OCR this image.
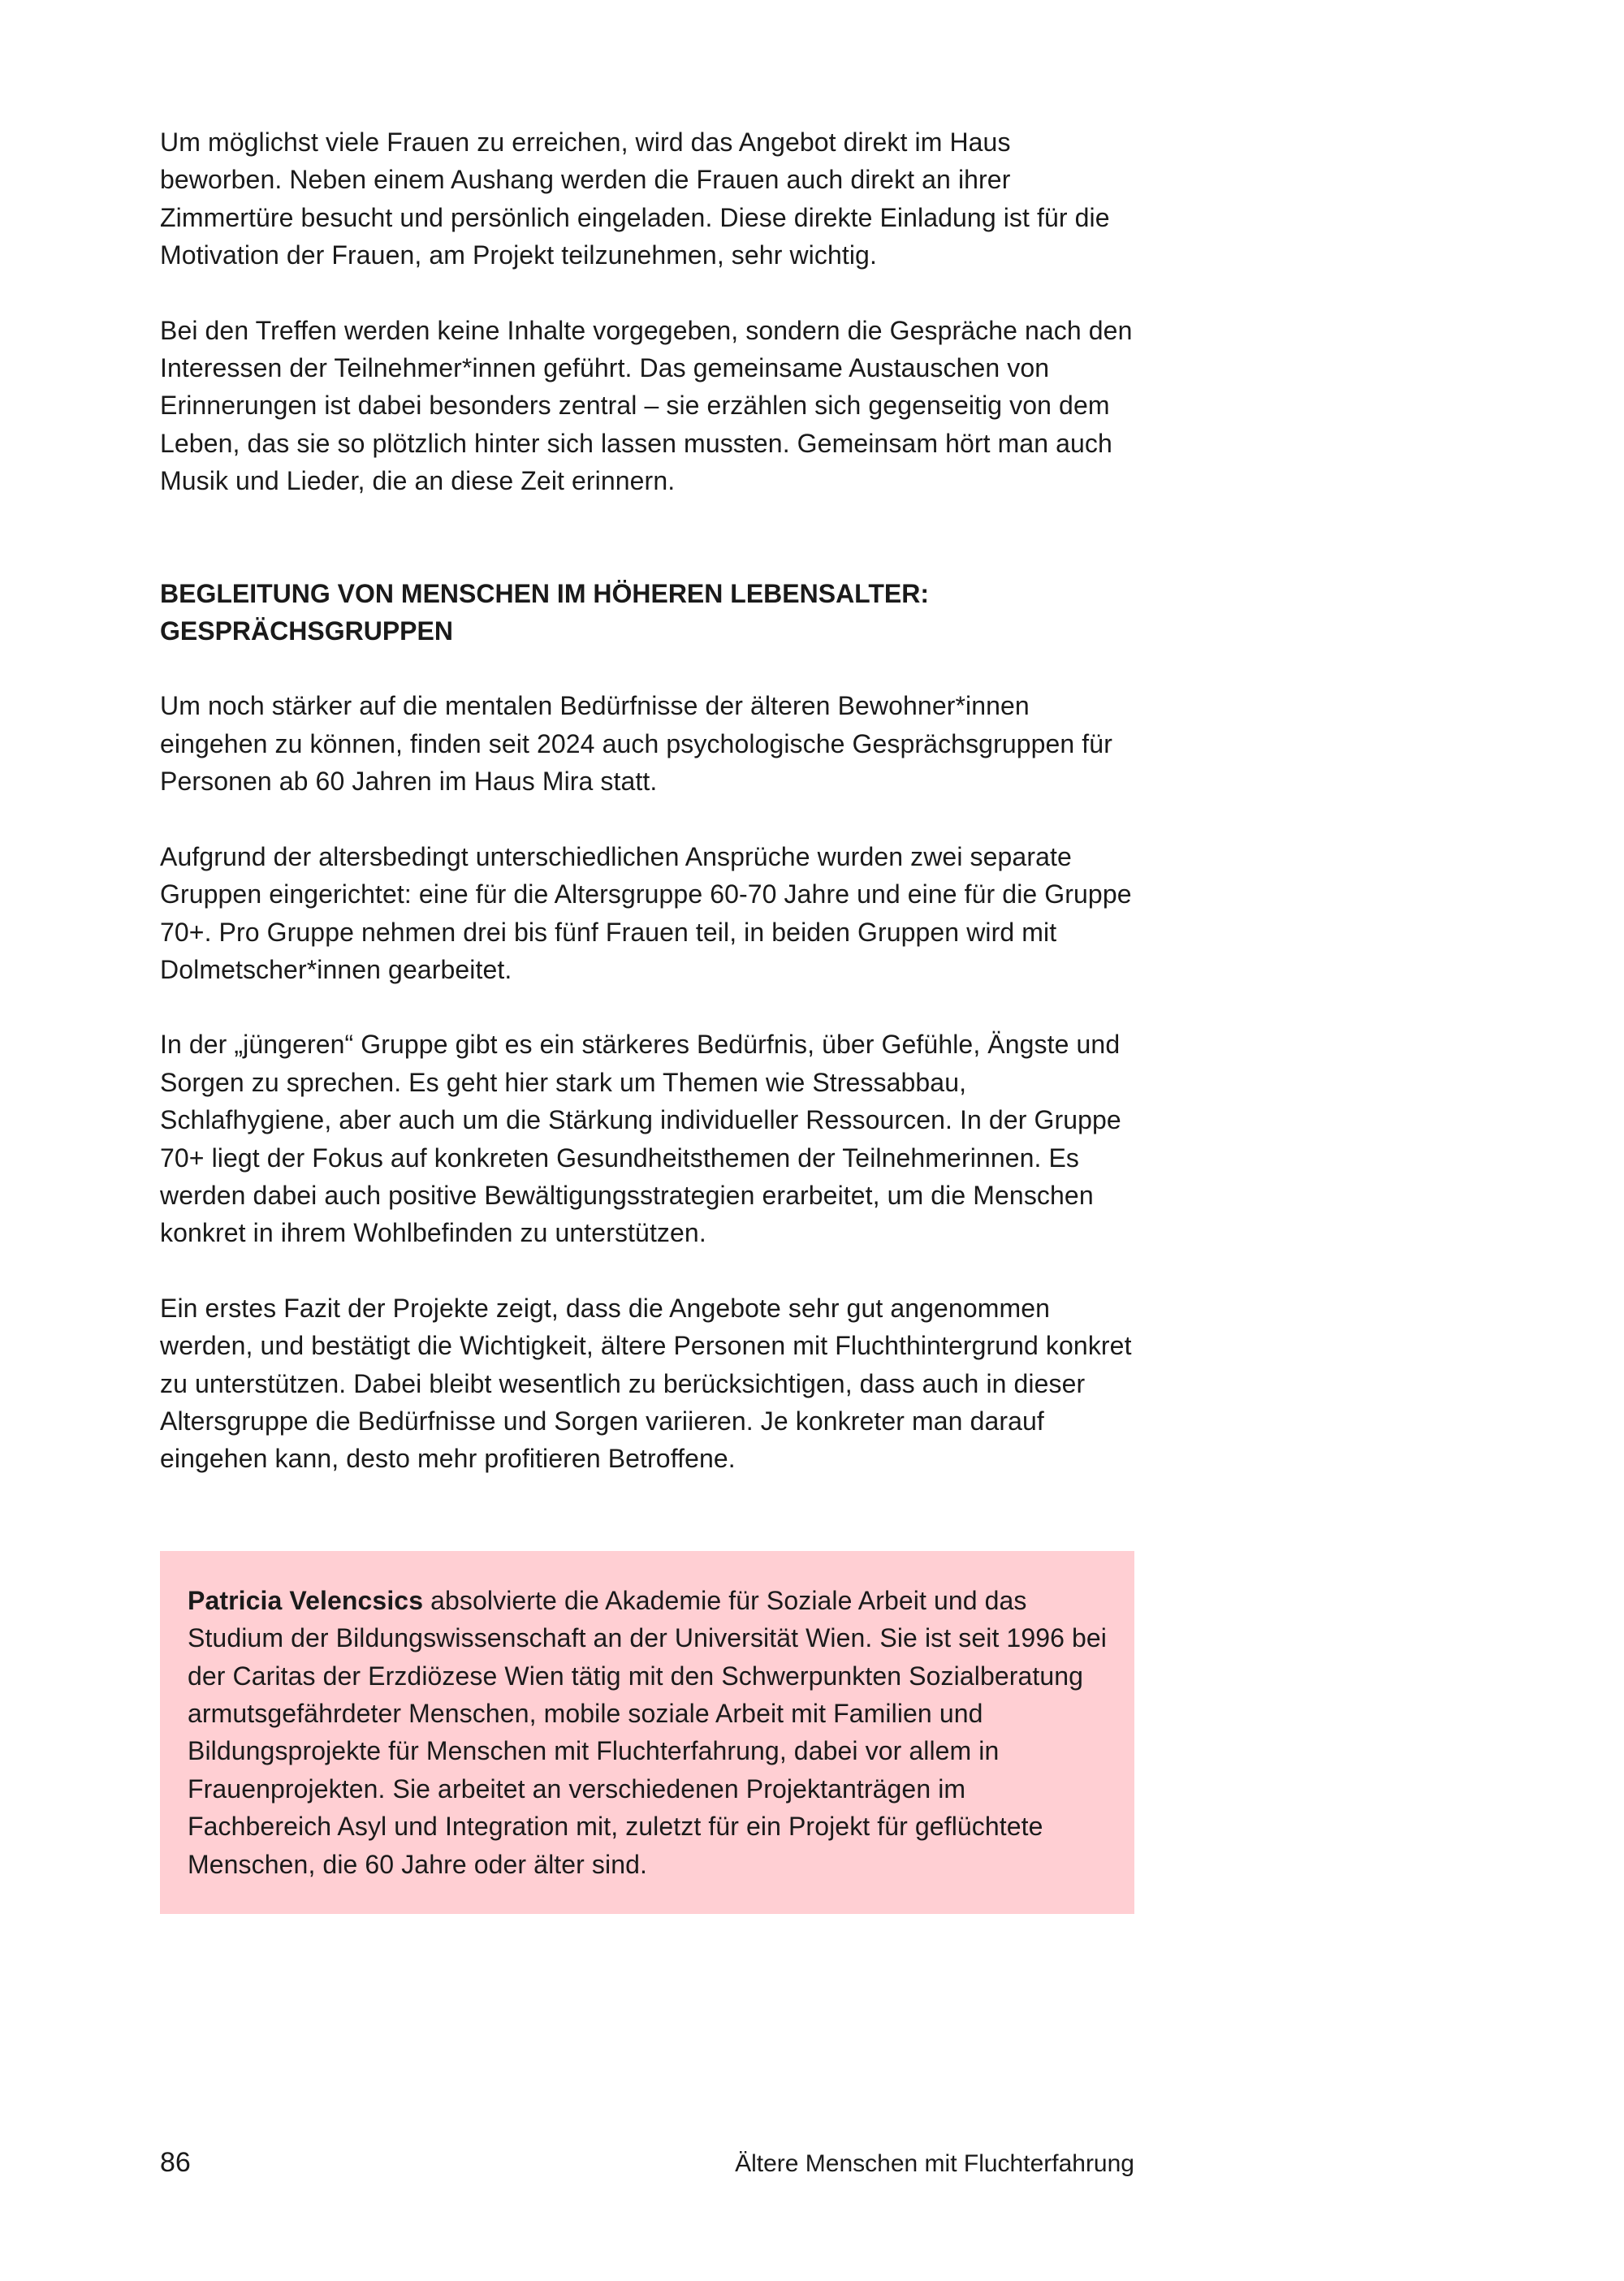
Um möglichst viele Frauen zu erreichen, wird das Angebot direkt im Haus beworben. Neben einem Aushang werden die Frauen auch direkt an ihrer Zimmertüre besucht und persönlich eingeladen. Diese direkte Einladung ist für die Motivation der Frauen, am Projekt teilzunehmen, sehr wichtig.

Bei den Treffen werden keine Inhalte vorgegeben, sondern die Gespräche nach den Interessen der Teilnehmer*innen geführt. Das gemeinsame Austauschen von Erinnerungen ist dabei besonders zentral – sie erzählen sich gegenseitig von dem Leben, das sie so plötzlich hinter sich lassen mussten. Gemeinsam hört man auch Musik und Lieder, die an diese Zeit erinnern.

BEGLEITUNG VON MENSCHEN IM HÖHEREN LEBENSALTER: GESPRÄCHSGRUPPEN

Um noch stärker auf die mentalen Bedürfnisse der älteren Bewohner*innen eingehen zu können, finden seit 2024 auch psychologische Gesprächsgruppen für Personen ab 60 Jahren im Haus Mira statt.

Aufgrund der altersbedingt unterschiedlichen Ansprüche wurden zwei separate Gruppen eingerichtet: eine für die Altersgruppe 60-70 Jahre und eine für die Gruppe 70+. Pro Gruppe nehmen drei bis fünf Frauen teil, in beiden Gruppen wird mit Dolmetscher*innen gearbeitet.

In der „jüngeren“ Gruppe gibt es ein stärkeres Bedürfnis, über Gefühle, Ängste und Sorgen zu sprechen. Es geht hier stark um Themen wie Stressabbau, Schlafhygiene, aber auch um die Stärkung individueller Ressourcen. In der Gruppe 70+ liegt der Fokus auf konkreten Gesundheitsthemen der Teilnehmerinnen. Es werden dabei auch positive Bewältigungsstrategien erarbeitet, um die Menschen konkret in ihrem Wohlbefinden zu unterstützen.

Ein erstes Fazit der Projekte zeigt, dass die Angebote sehr gut angenommen werden, und bestätigt die Wichtigkeit, ältere Personen mit Fluchthintergrund konkret zu unterstützen. Dabei bleibt wesentlich zu berücksichtigen, dass auch in dieser Altersgruppe die Bedürfnisse und Sorgen variieren. Je konkreter man darauf eingehen kann, desto mehr profitieren Betroffene.

Patricia Velencsics absolvierte die Akademie für Soziale Arbeit und das Studium der Bildungswissenschaft an der Universität Wien. Sie ist seit 1996 bei der Caritas der Erzdiözese Wien tätig mit den Schwerpunkten Sozialberatung armutsgefährdeter Menschen, mobile soziale Arbeit mit Familien und Bildungsprojekte für Menschen mit Fluchterfahrung, dabei vor allem in Frauenprojekten. Sie arbeitet an verschiedenen Projektanträgen im Fachbereich Asyl und Integration mit, zuletzt für ein Projekt für geflüchtete Menschen, die 60 Jahre oder älter sind.

86	Ältere Menschen mit Fluchterfahrung
